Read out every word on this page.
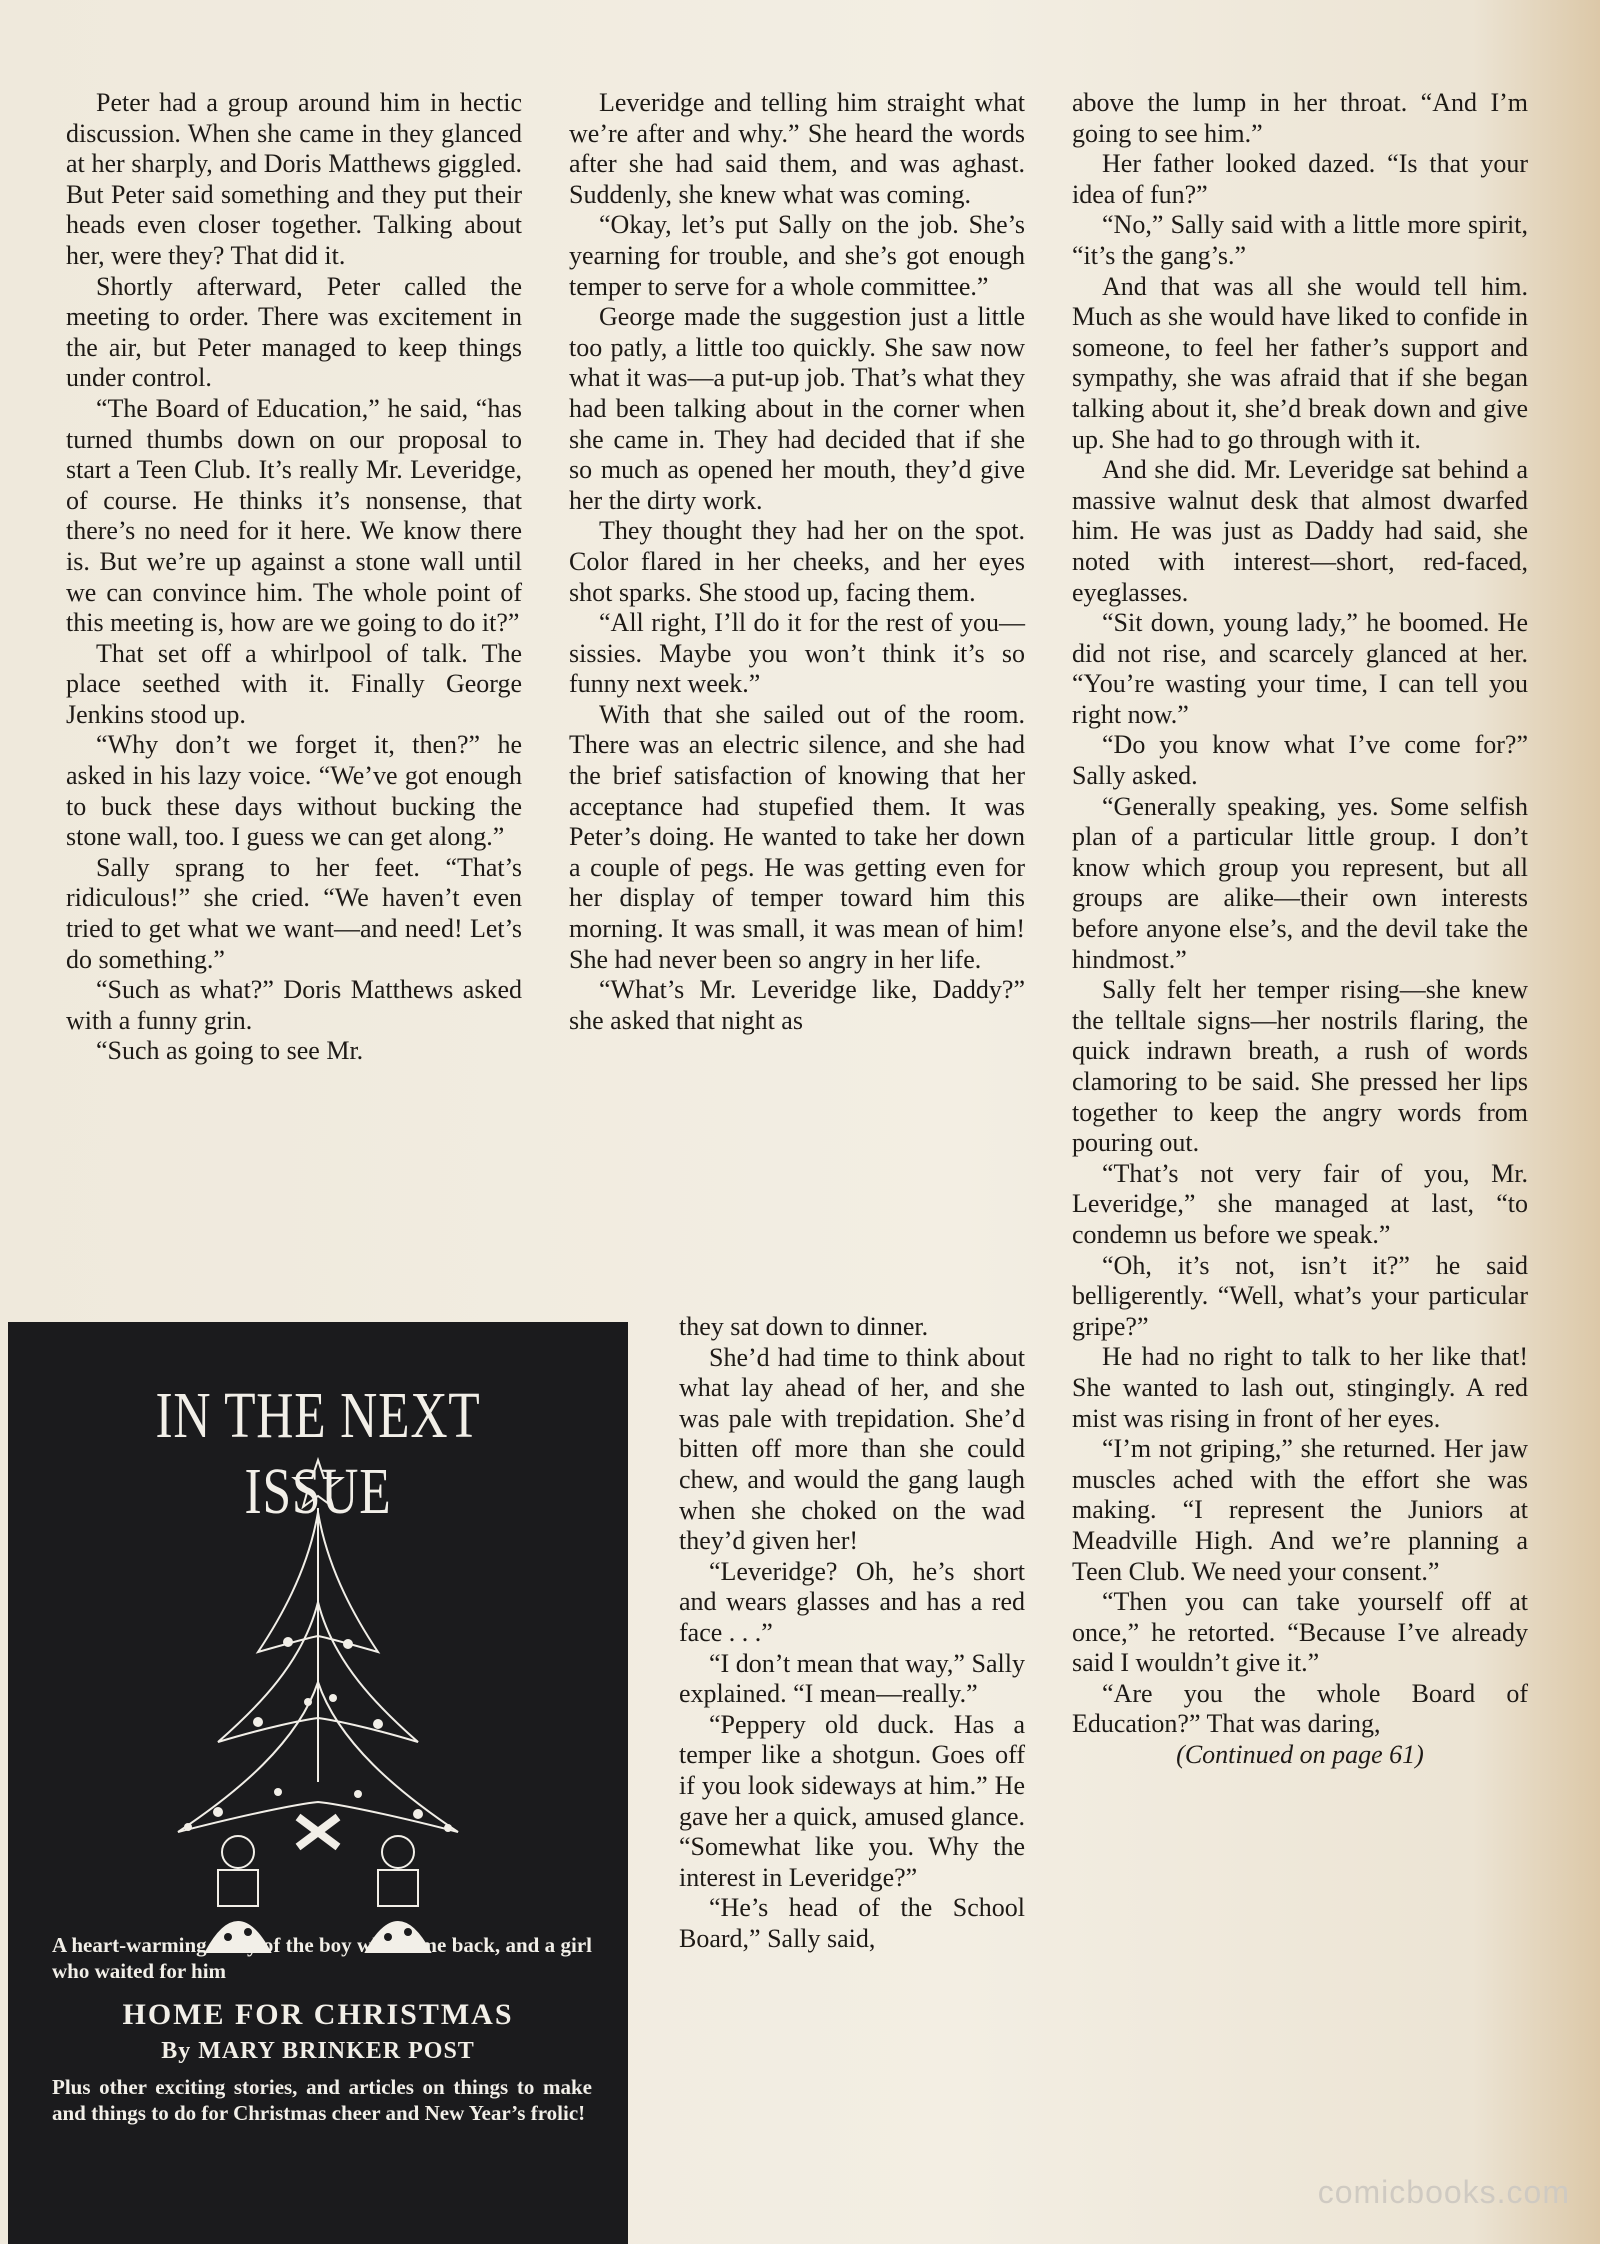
Peter had a group around him in hectic discussion. When she came in they glanced at her sharply, and Doris Matthews giggled. But Peter said something and they put their heads even closer together. Talking about her, were they? That did it.

Shortly afterward, Peter called the meeting to order. There was excitement in the air, but Peter managed to keep things under control.

“The Board of Education,” he said, “has turned thumbs down on our proposal to start a Teen Club. It’s really Mr. Leveridge, of course. He thinks it’s nonsense, that there’s no need for it here. We know there is. But we’re up against a stone wall until we can convince him. The whole point of this meeting is, how are we going to do it?”

That set off a whirlpool of talk. The place seethed with it. Finally George Jenkins stood up.

“Why don’t we forget it, then?” he asked in his lazy voice. “We’ve got enough to buck these days without bucking the stone wall, too. I guess we can get along.”

Sally sprang to her feet. “That’s ridiculous!” she cried. “We haven’t even tried to get what we want—and need! Let’s do something.”

“Such as what?” Doris Matthews asked with a funny grin.

“Such as going to see Mr.

Leveridge and telling him straight what we’re after and why.” She heard the words after she had said them, and was aghast. Suddenly, she knew what was coming.

“Okay, let’s put Sally on the job. She’s yearning for trouble, and she’s got enough temper to serve for a whole committee.”

George made the suggestion just a little too patly, a little too quickly. She saw now what it was—a put-up job. That’s what they had been talking about in the corner when she came in. They had decided that if she so much as opened her mouth, they’d give her the dirty work.

They thought they had her on the spot. Color flared in her cheeks, and her eyes shot sparks. She stood up, facing them.

“All right, I’ll do it for the rest of you—sissies. Maybe you won’t think it’s so funny next week.”

With that she sailed out of the room. There was an electric silence, and she had the brief satisfaction of knowing that her acceptance had stupefied them. It was Peter’s doing. He wanted to take her down a couple of pegs. He was getting even for her display of temper toward him this morning. It was small, it was mean of him! She had never been so angry in her life.

“What’s Mr. Leveridge like, Daddy?” she asked that night as

they sat down to dinner.

She’d had time to think about what lay ahead of her, and she was pale with trepidation. She’d bitten off more than she could chew, and would the gang laugh when she choked on the wad they’d given her!

“Leveridge? Oh, he’s short and wears glasses and has a red face . . .”

“I don’t mean that way,” Sally explained. “I mean—really.”

“Peppery old duck. Has a temper like a shotgun. Goes off if you look sideways at him.” He gave her a quick, amused glance. “Somewhat like you. Why the interest in Leveridge?”

“He’s head of the School Board,” Sally said,

above the lump in her throat. “And I’m going to see him.”

Her father looked dazed. “Is that your idea of fun?”

“No,” Sally said with a little more spirit, “it’s the gang’s.”

And that was all she would tell him. Much as she would have liked to confide in someone, to feel her father’s support and sympathy, she was afraid that if she began talking about it, she’d break down and give up. She had to go through with it.

And she did. Mr. Leveridge sat behind a massive walnut desk that almost dwarfed him. He was just as Daddy had said, she noted with interest—short, red-faced, eyeglasses.

“Sit down, young lady,” he boomed. He did not rise, and scarcely glanced at her. “You’re wasting your time, I can tell you right now.”

“Do you know what I’ve come for?” Sally asked.

“Generally speaking, yes. Some selfish plan of a particular little group. I don’t know which group you represent, but all groups are alike—their own interests before anyone else’s, and the devil take the hindmost.”

Sally felt her temper rising—she knew the telltale signs—her nostrils flaring, the quick indrawn breath, a rush of words clamoring to be said. She pressed her lips together to keep the angry words from pouring out.

“That’s not very fair of you, Mr. Leveridge,” she managed at last, “to condemn us before we speak.”

“Oh, it’s not, isn’t it?” he said belligerently. “Well, what’s your particular gripe?”

He had no right to talk to her like that! She wanted to lash out, stingingly. A red mist was rising in front of her eyes.

“I’m not griping,” she returned. Her jaw muscles ached with the effort she was making. “I represent the Juniors at Meadville High. And we’re planning a Teen Club. We need your consent.”

“Then you can take yourself off at once,” he retorted. “Because I’ve already said I wouldn’t give it.”

“Are you the whole Board of Education?” That was daring,

(Continued on page 61)

IN THE NEXT ISSUE
A heart-warming story of the boy who came back, and a girl who waited for him
HOME FOR CHRISTMAS
By MARY BRINKER POST
Plus other exciting stories, and articles on things to make and things to do for Christmas cheer and New Year’s frolic!
comicbooks.com
